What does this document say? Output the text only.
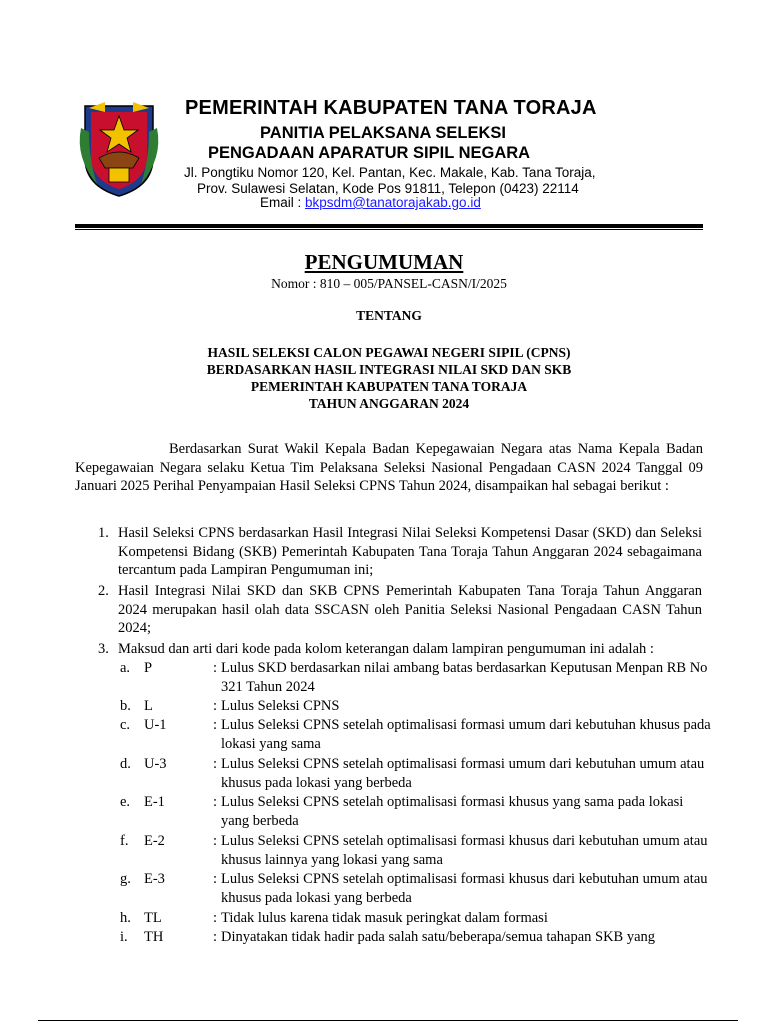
PEMERINTAH KABUPATEN TANA TORAJA
PANITIA PELAKSANA SELEKSI
PENGADAAN APARATUR SIPIL NEGARA
Jl. Pongtiku Nomor 120, Kel. Pantan, Kec. Makale, Kab. Tana Toraja,
Prov. Sulawesi Selatan, Kode Pos 91811, Telepon (0423) 22114
Email : bkpsdm@tanatorajakab.go.id
PENGUMUMAN
Nomor : 810 – 005/PANSEL-CASN/I/2025
TENTANG
HASIL SELEKSI CALON PEGAWAI NEGERI SIPIL (CPNS)
BERDASARKAN HASIL INTEGRASI NILAI SKD DAN SKB
PEMERINTAH KABUPATEN TANA TORAJA
TAHUN ANGGARAN 2024
Berdasarkan Surat Wakil Kepala Badan Kepegawaian Negara atas Nama Kepala Badan Kepegawaian Negara selaku Ketua Tim Pelaksana Seleksi Nasional Pengadaan CASN 2024 Tanggal 09 Januari 2025 Perihal Penyampaian Hasil Seleksi CPNS Tahun 2024, disampaikan hal sebagai berikut :
1. Hasil Seleksi CPNS berdasarkan Hasil Integrasi Nilai Seleksi Kompetensi Dasar (SKD) dan Seleksi Kompetensi Bidang (SKB) Pemerintah Kabupaten Tana Toraja Tahun Anggaran 2024 sebagaimana tercantum pada Lampiran Pengumuman ini;
2. Hasil Integrasi Nilai SKD dan SKB CPNS Pemerintah Kabupaten Tana Toraja Tahun Anggaran 2024 merupakan hasil olah data SSCASN oleh Panitia Seleksi Nasional Pengadaan CASN Tahun 2024;
3. Maksud dan arti dari kode pada kolom keterangan dalam lampiran pengumuman ini adalah :
a. P	: Lulus SKD berdasarkan nilai ambang batas berdasarkan Keputusan Menpan RB No 321 Tahun 2024
b. L	: Lulus Seleksi CPNS
c. U-1	: Lulus Seleksi CPNS setelah optimalisasi formasi umum dari kebutuhan khusus pada lokasi yang sama
d. U-3	: Lulus Seleksi CPNS setelah optimalisasi formasi umum dari kebutuhan umum atau khusus pada lokasi yang berbeda
e. E-1	: Lulus Seleksi CPNS setelah optimalisasi formasi khusus yang sama pada lokasi yang berbeda
f. E-2	: Lulus Seleksi CPNS setelah optimalisasi formasi khusus dari kebutuhan umum atau khusus lainnya yang lokasi yang sama
g. E-3	: Lulus Seleksi CPNS setelah optimalisasi formasi khusus dari kebutuhan umum atau khusus pada lokasi yang berbeda
h. TL	: Tidak lulus karena tidak masuk peringkat dalam formasi
i. TH	: Dinyatakan tidak hadir pada salah satu/beberapa/semua tahapan SKB yang
